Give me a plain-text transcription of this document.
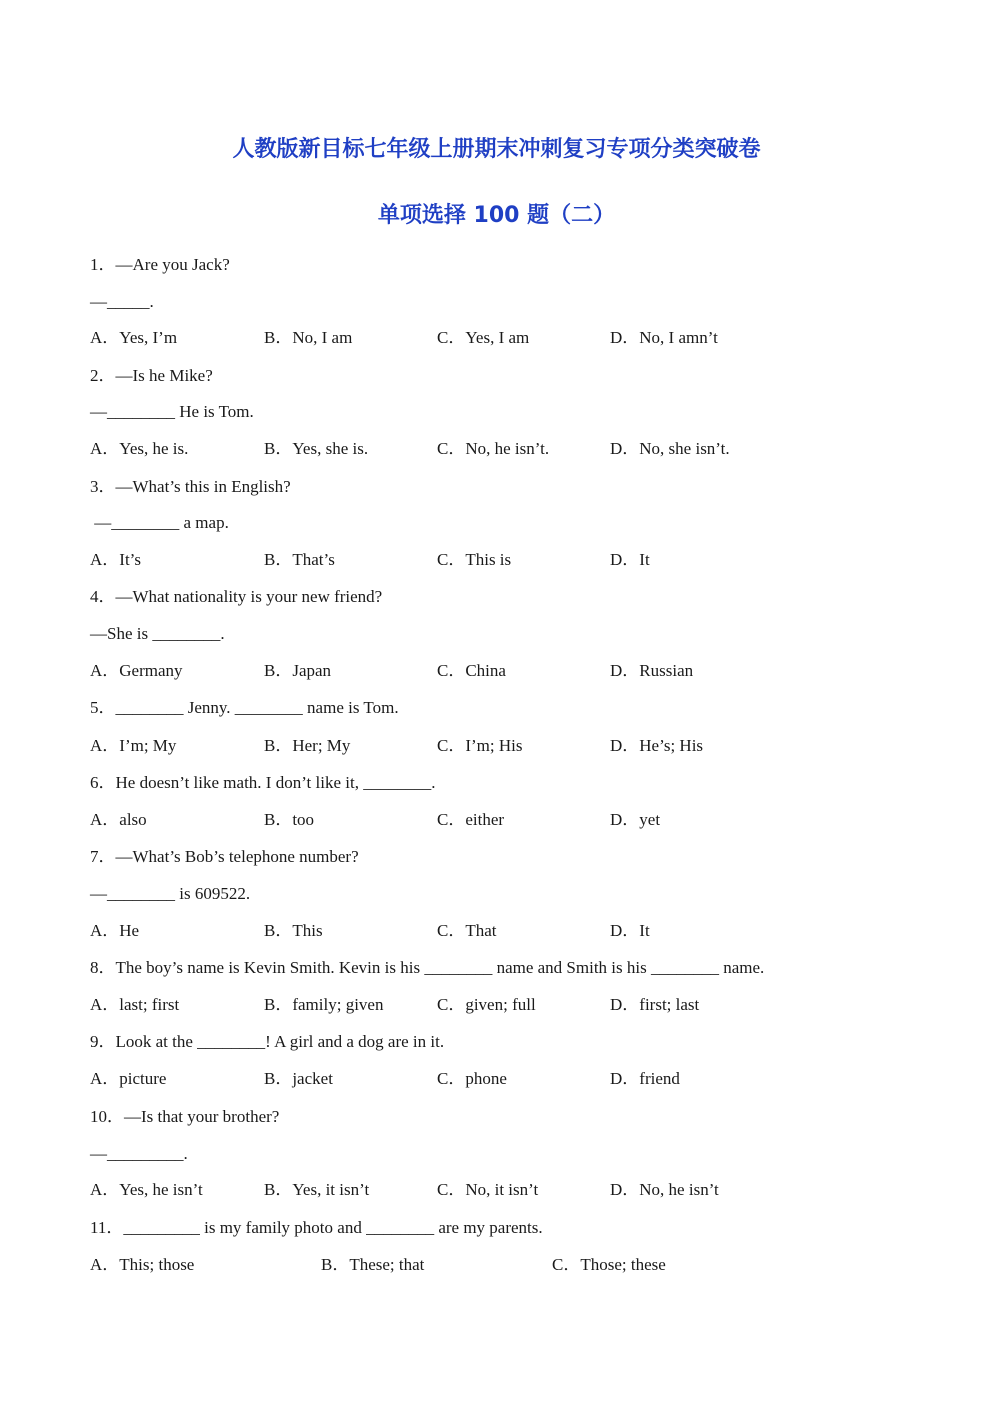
人教版新目标七年级上册期末冲刺复习专项分类突破卷
单项选择 100 题（二）
1．—Are you Jack?
—_____.
A．Yes, I’m	B．No, I am	C．Yes, I am	D．No, I amn’t
2．—Is he Mike?
—________ He is Tom.
A．Yes, he is.	B．Yes, she is.	C．No, he isn’t.	D．No, she isn’t.
3．—What’s this in English?
—________ a map.
A．It’s	B．That’s	C．This is	D．It
4．—What nationality is your new friend?
—She is ________.
A．Germany	B．Japan	C．China	D．Russian
5．________ Jenny. ________ name is Tom.
A．I’m; My	B．Her; My	C．I’m; His	D．He’s; His
6．He doesn’t like math. I don’t like it, ________.
A．also	B．too	C．either	D．yet
7．—What’s Bob’s telephone number?
—________ is 609522.
A．He	B．This	C．That	D．It
8．The boy’s name is Kevin Smith. Kevin is his ________ name and Smith is his ________ name.
A．last; first	B．family; given	C．given; full	D．first; last
9．Look at the ________! A girl and a dog are in it.
A．picture	B．jacket	C．phone	D．friend
10．—Is that your brother?
—_________.
A．Yes, he isn’t	B．Yes, it isn’t	C．No, it isn’t	D．No, he isn’t
11．_________ is my family photo and ________ are my parents.
A．This; those	B．These; that	C．Those; these
